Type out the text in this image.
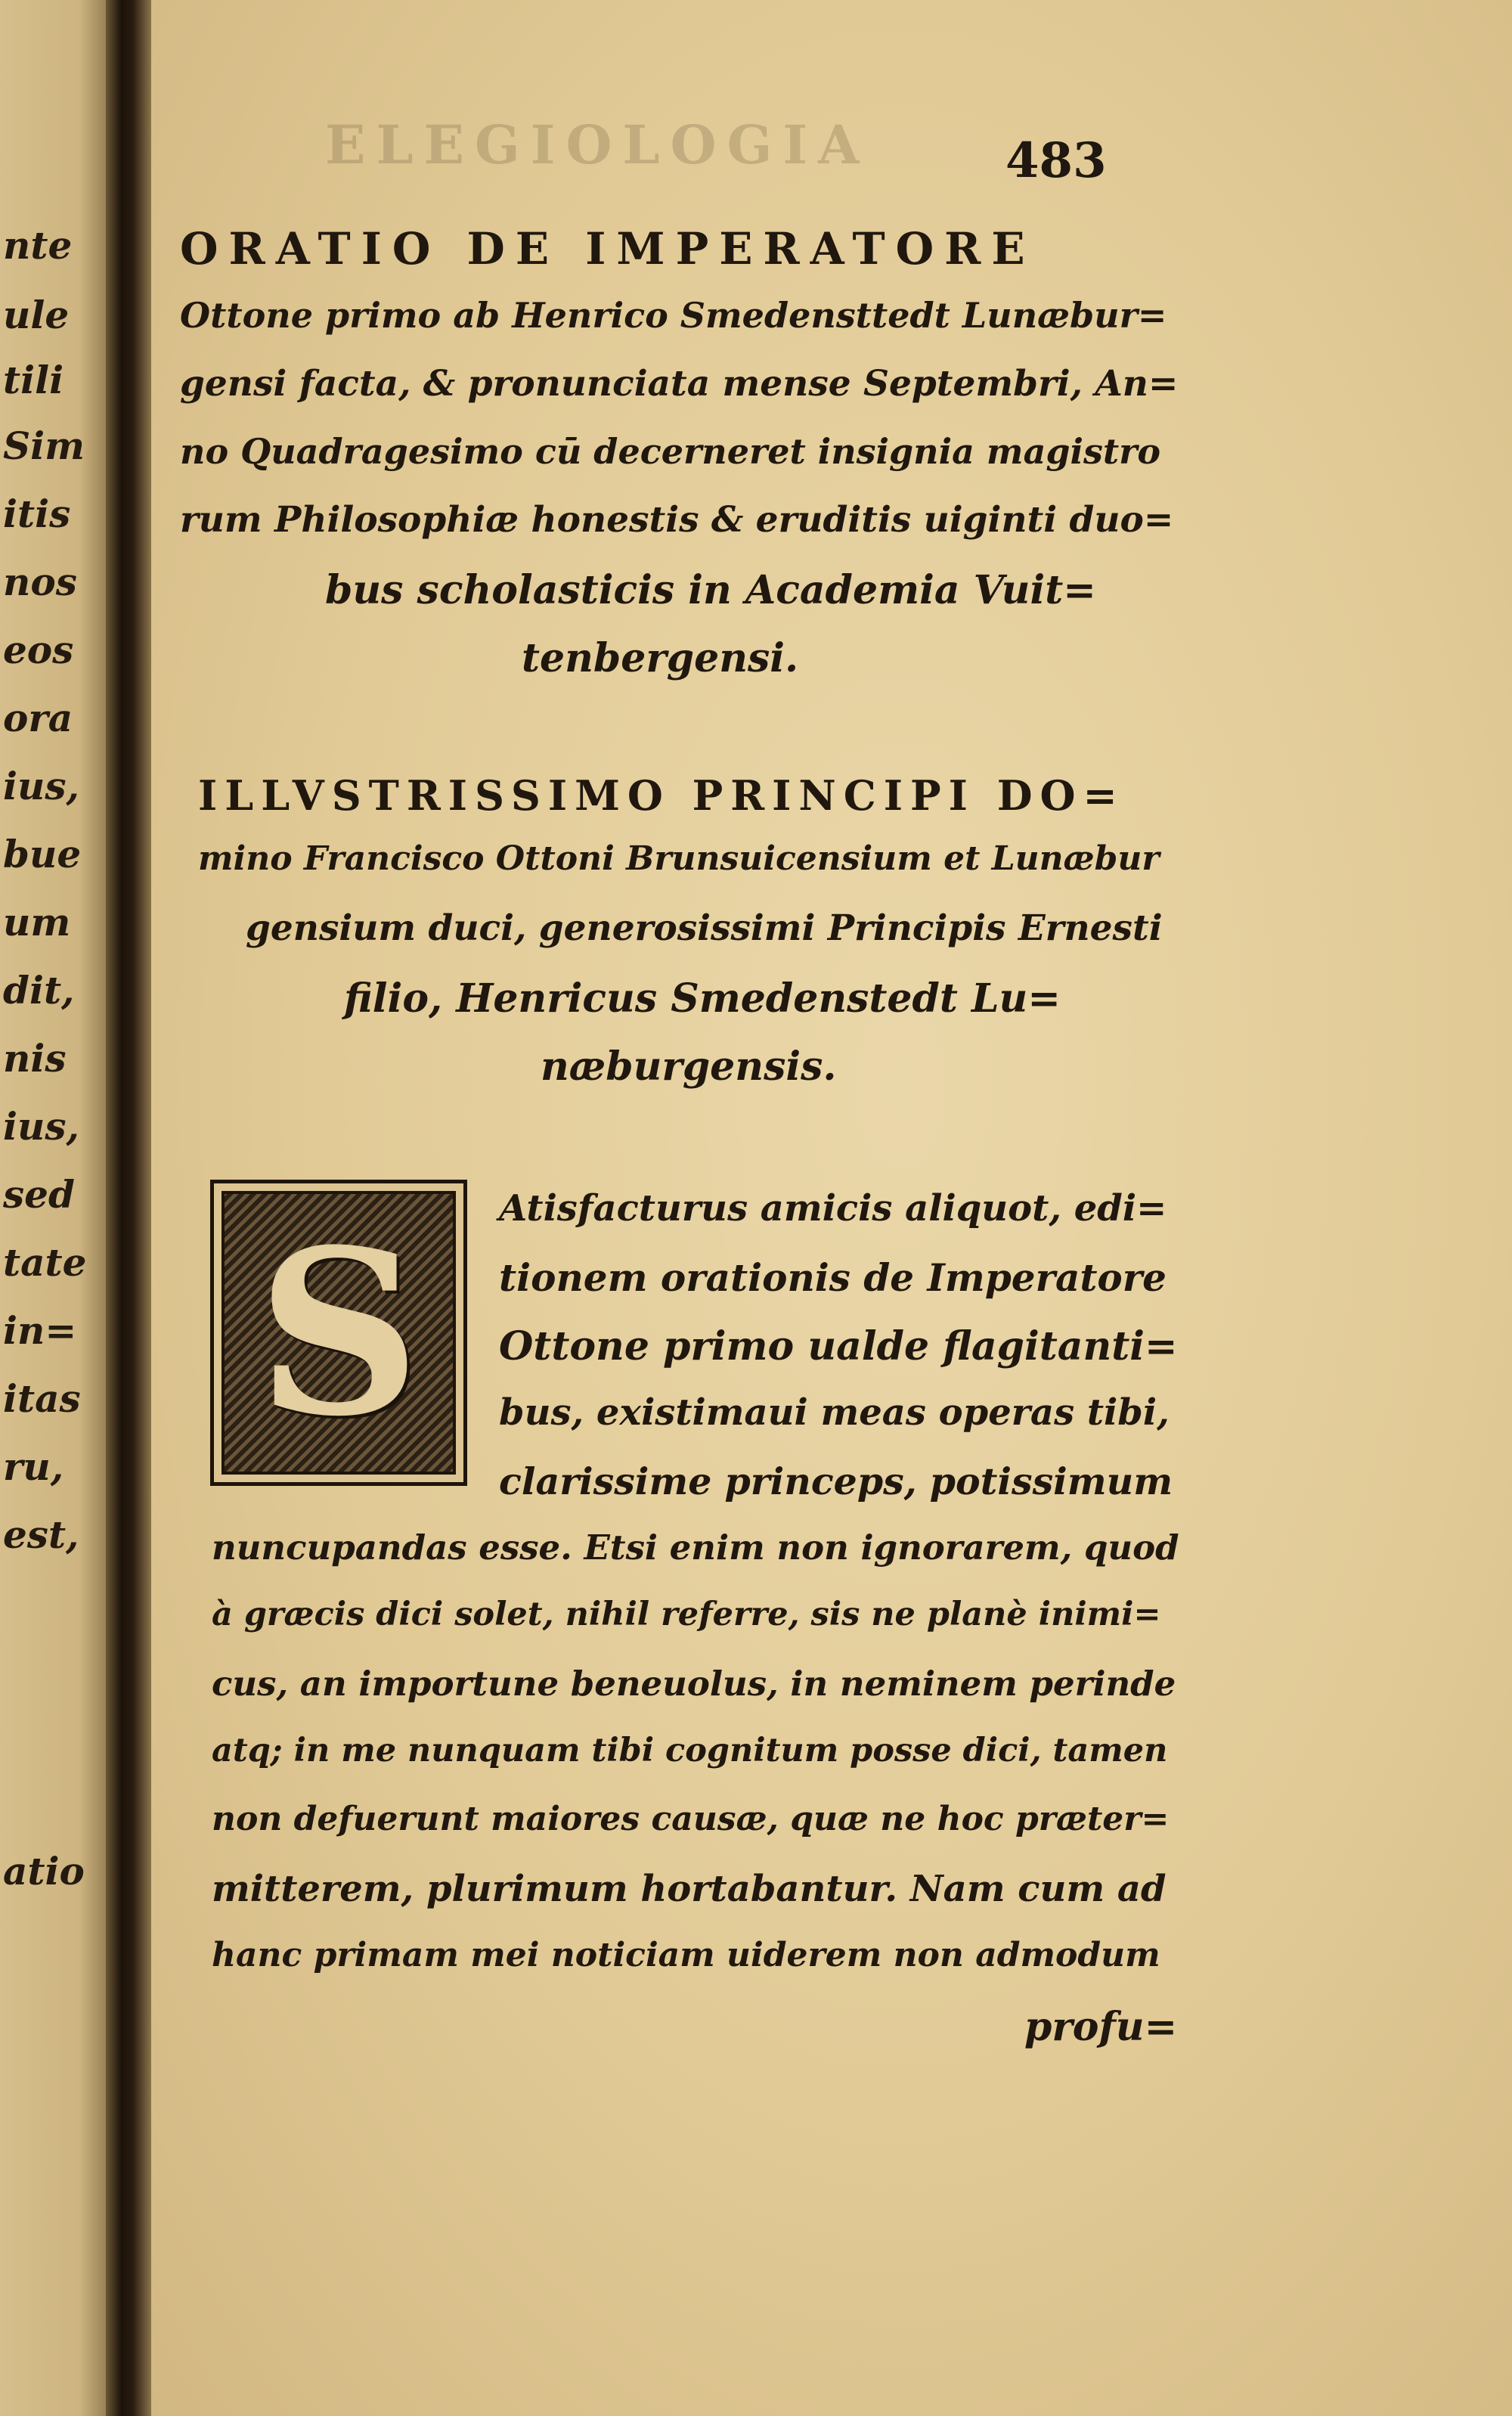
nte
ule
tili
Sim
itis
nos
eos
ora
ius,
bue
um
dit,
nis
ius,
sed
tate
in=
itas
ru,
est,
atio
ELEGIOLOGIA	483
ORATIO DE IMPERATORE
Ottone primo ab Henrico Smedensttedt Lunæbur=
gensi facta, & pronunciata mense Septembri, An=
no Quadragesimo cū decerneret insignia magistro
rum Philosophiæ honestis & eruditis uiginti duo=
bus scholasticis in Academia Vuit=
tenbergensi.
ILLVSTRISSIMO PRINCIPI DO=
mino Francisco Ottoni Brunsuicensium et Lunæbur
gensium duci, generosissimi Principis Ernesti
filio, Henricus Smedenstedt Lu=
næburgensis.
S Atisfacturus amicis aliquot, edi=
tionem orationis de Imperatore
Ottone primo ualde flagitanti=
bus, existimaui meas operas tibi,
clarissime princeps, potissimum
nuncupandas esse. Etsi enim non ignorarem, quod
à græcis dici solet, nihil referre, sis ne planè inimi=
cus, an importune beneuolus, in neminem perinde
atq; in me nunquam tibi cognitum posse dici, tamen
non defuerunt maiores causæ, quæ ne hoc præter=
mitterem, plurimum hortabantur. Nam cum ad
hanc primam mei noticiam uiderem non admodum
profu=
